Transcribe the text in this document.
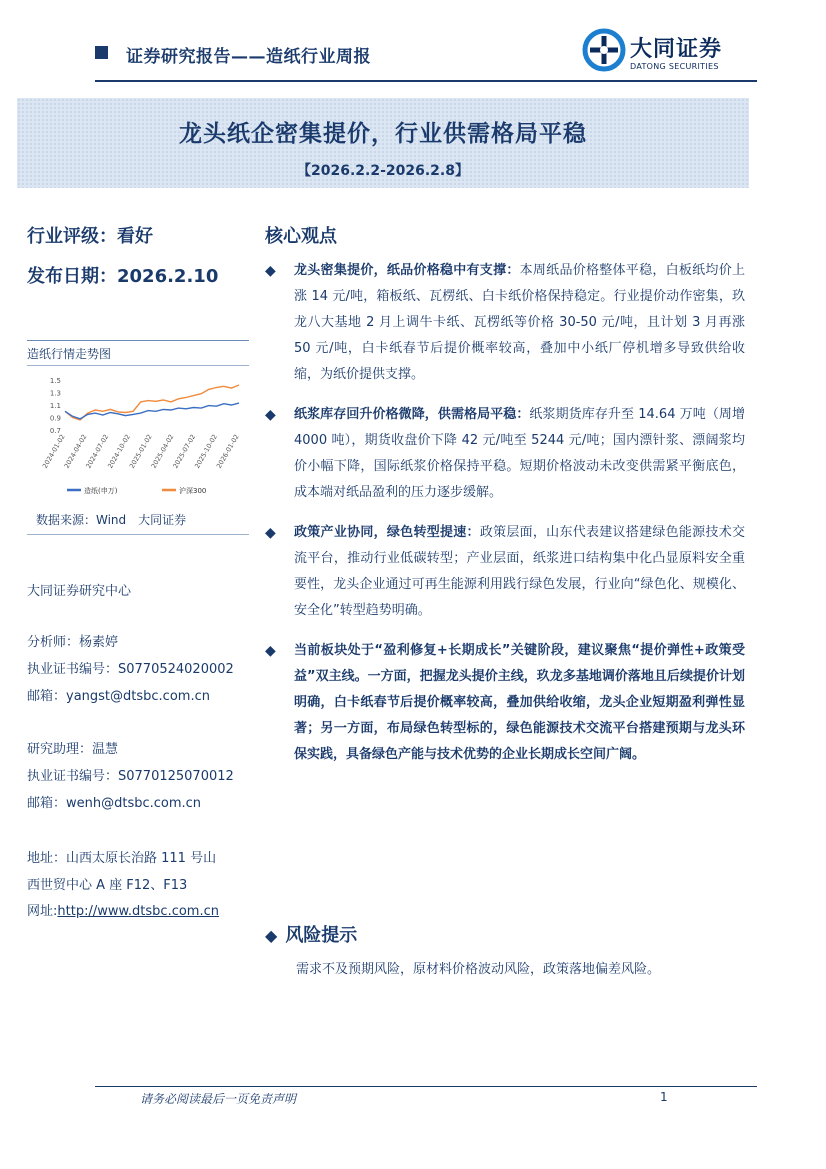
证券研究报告——造纸行业周报	大同证券
DATONG SECURITIES
龙头纸企密集提价，行业供需格局平稳
【2026.2.2-2026.2.8】
行业评级：看好
发布日期：2026.2.10
核心观点
造纸行情走势图
1.5
1.3
1.1
0.9
0.7
2024-01-02
2024-04-02
2024-07-02
2024-10-02
2025-01-02
2025-04-02
2025-07-02
2025-10-02
2026-01-02
造纸(申万)	沪深300
数据来源：Wind　大同证券
大同证券研究中心
分析师：杨素婷
执业证书编号：S0770524020002
邮箱：yangst@dtsbc.com.cn
研究助理：温慧
执业证书编号：S0770125070012
邮箱：wenh@dtsbc.com.cn
地址：山西太原长治路 111 号山
西世贸中心 A 座 F12、F13
网址:http://www.dtsbc.com.cn
◆ 龙头密集提价，纸品价格稳中有支撑：本周纸品价格整体平稳，白板纸均价上涨 14 元/吨，箱板纸、瓦楞纸、白卡纸价格保持稳定。行业提价动作密集，玖龙八大基地 2 月上调牛卡纸、瓦楞纸等价格 30-50 元/吨，且计划 3 月再涨 50 元/吨，白卡纸春节后提价概率较高，叠加中小纸厂停机增多导致供给收缩，为纸价提供支撑。
◆ 纸浆库存回升价格微降，供需格局平稳：纸浆期货库存升至 14.64 万吨（周增 4000 吨），期货收盘价下降 42 元/吨至 5244 元/吨；国内漂针浆、漂阔浆均价小幅下降，国际纸浆价格保持平稳。短期价格波动未改变供需紧平衡底色，成本端对纸品盈利的压力逐步缓解。
◆ 政策产业协同，绿色转型提速：政策层面，山东代表建议搭建绿色能源技术交流平台，推动行业低碳转型；产业层面，纸浆进口结构集中化凸显原料安全重要性，龙头企业通过可再生能源利用践行绿色发展，行业向“绿色化、规模化、安全化”转型趋势明确。
◆ 当前板块处于“盈利修复+长期成长”关键阶段，建议聚焦“提价弹性+政策受益”双主线。一方面，把握龙头提价主线，玖龙多基地调价落地且后续提价计划明确，白卡纸春节后提价概率较高，叠加供给收缩，龙头企业短期盈利弹性显著；另一方面，布局绿色转型标的，绿色能源技术交流平台搭建预期与龙头环保实践，具备绿色产能与技术优势的企业长期成长空间广阔。
◆ 风险提示
需求不及预期风险，原材料价格波动风险，政策落地偏差风险。
请务必阅读最后一页免责声明	1
